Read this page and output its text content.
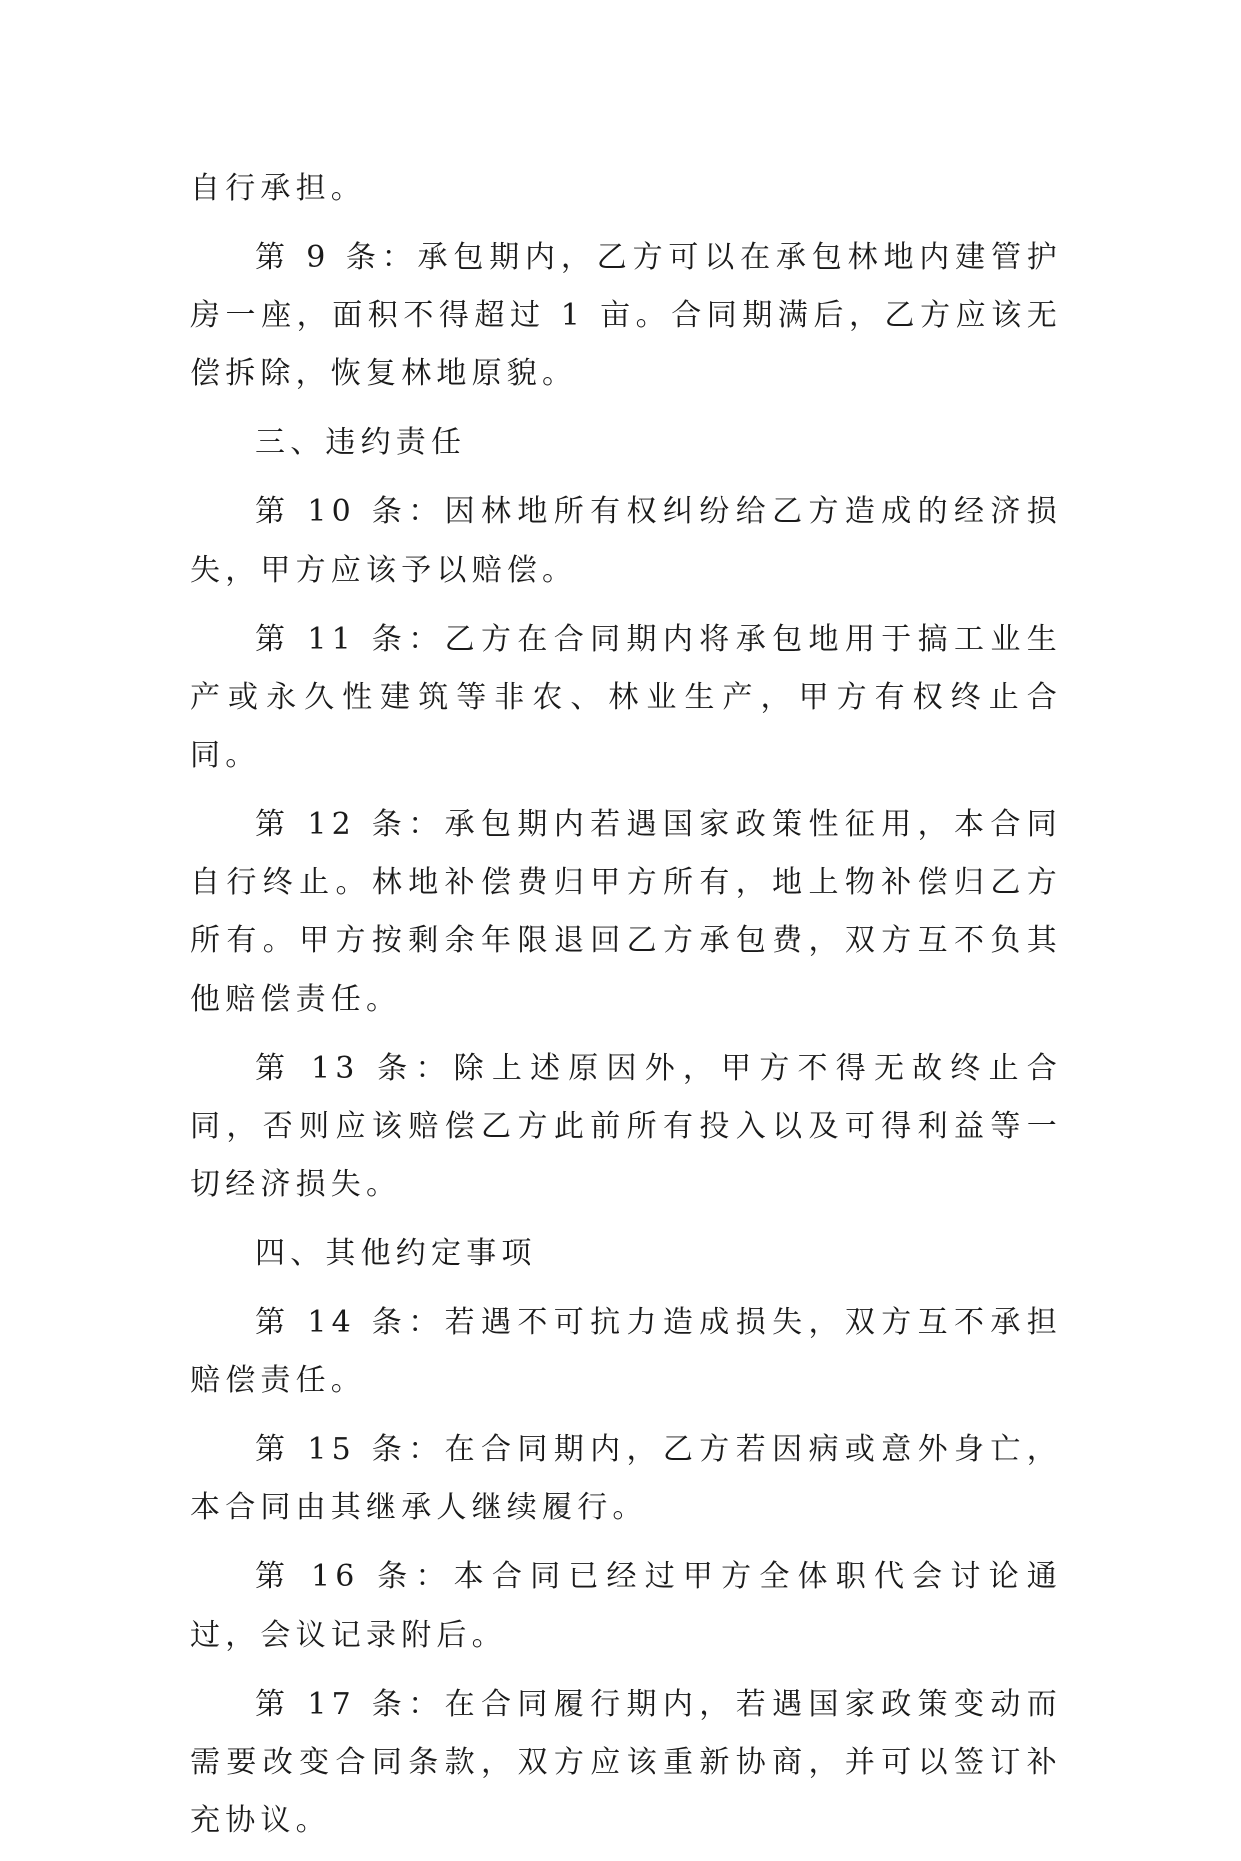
自行承担。

第 9 条：承包期内，乙方可以在承包林地内建管护房一座，面积不得超过 1 亩。合同期满后，乙方应该无偿拆除，恢复林地原貌。

三、违约责任

第 10 条：因林地所有权纠纷给乙方造成的经济损失，甲方应该予以赔偿。

第 11 条：乙方在合同期内将承包地用于搞工业生产或永久性建筑等非农、林业生产，甲方有权终止合同。

第 12 条：承包期内若遇国家政策性征用，本合同自行终止。林地补偿费归甲方所有，地上物补偿归乙方所有。甲方按剩余年限退回乙方承包费，双方互不负其他赔偿责任。

第 13 条：除上述原因外，甲方不得无故终止合同，否则应该赔偿乙方此前所有投入以及可得利益等一切经济损失。

四、其他约定事项

第 14 条：若遇不可抗力造成损失，双方互不承担赔偿责任。

第 15 条：在合同期内，乙方若因病或意外身亡，本合同由其继承人继续履行。

第 16 条：本合同已经过甲方全体职代会讨论通过，会议记录附后。

第 17 条：在合同履行期内，若遇国家政策变动而需要改变合同条款，双方应该重新协商，并可以签订补充协议。
